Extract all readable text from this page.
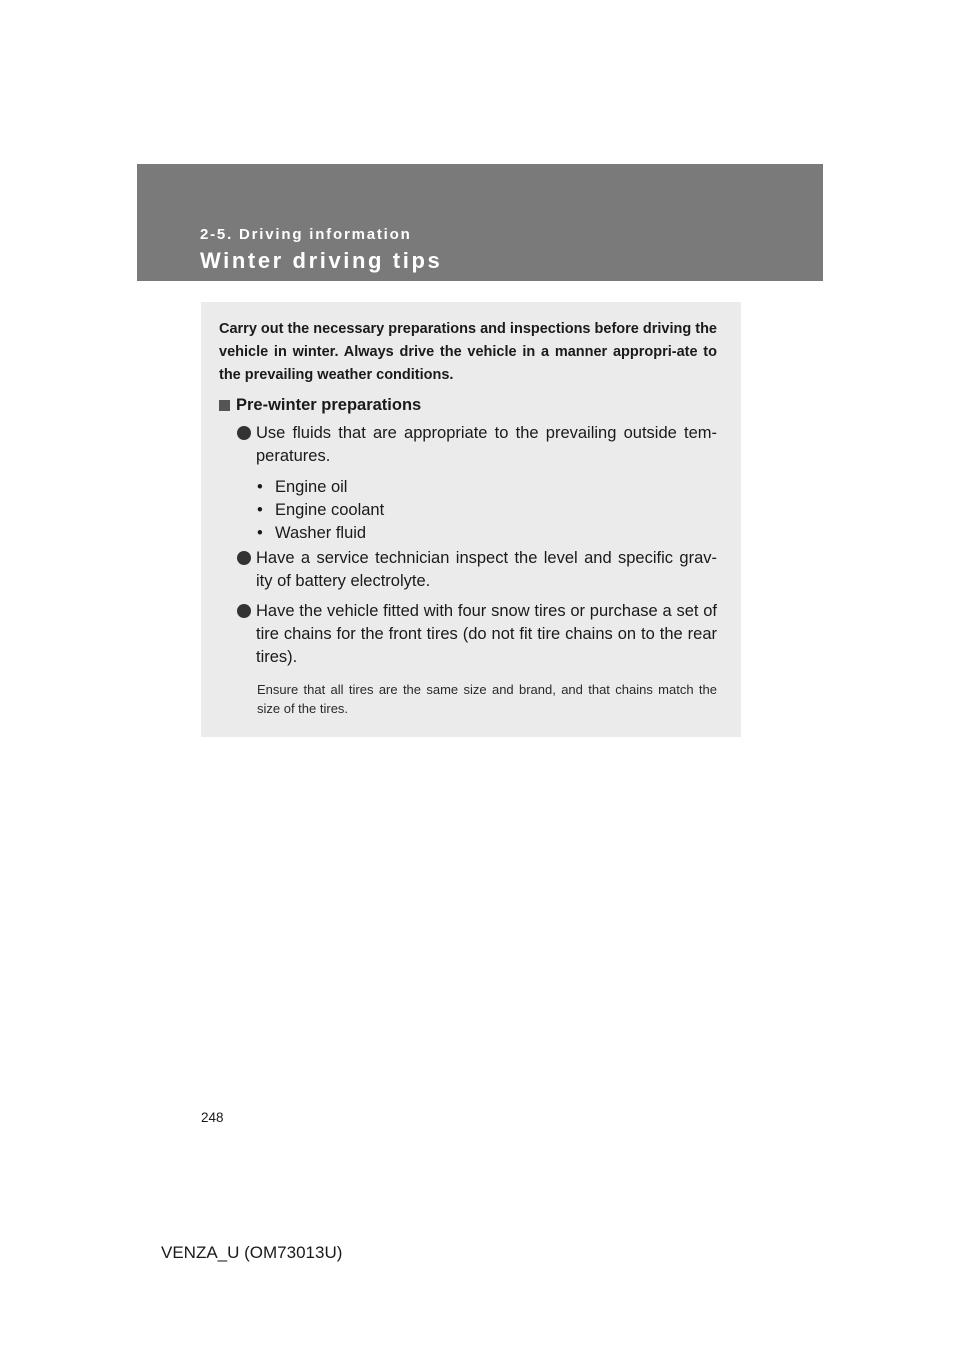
2-5. Driving information
Winter driving tips
Carry out the necessary preparations and inspections before driving the vehicle in winter. Always drive the vehicle in a manner appropri-ate to the prevailing weather conditions.
Pre-winter preparations
Use fluids that are appropriate to the prevailing outside tem-peratures.
• Engine oil
• Engine coolant
• Washer fluid
Have a service technician inspect the level and specific grav-ity of battery electrolyte.
Have the vehicle fitted with four snow tires or purchase a set of tire chains for the front tires (do not fit tire chains on to the rear tires).
Ensure that all tires are the same size and brand, and that chains match the size of the tires.
248
VENZA_U (OM73013U)
